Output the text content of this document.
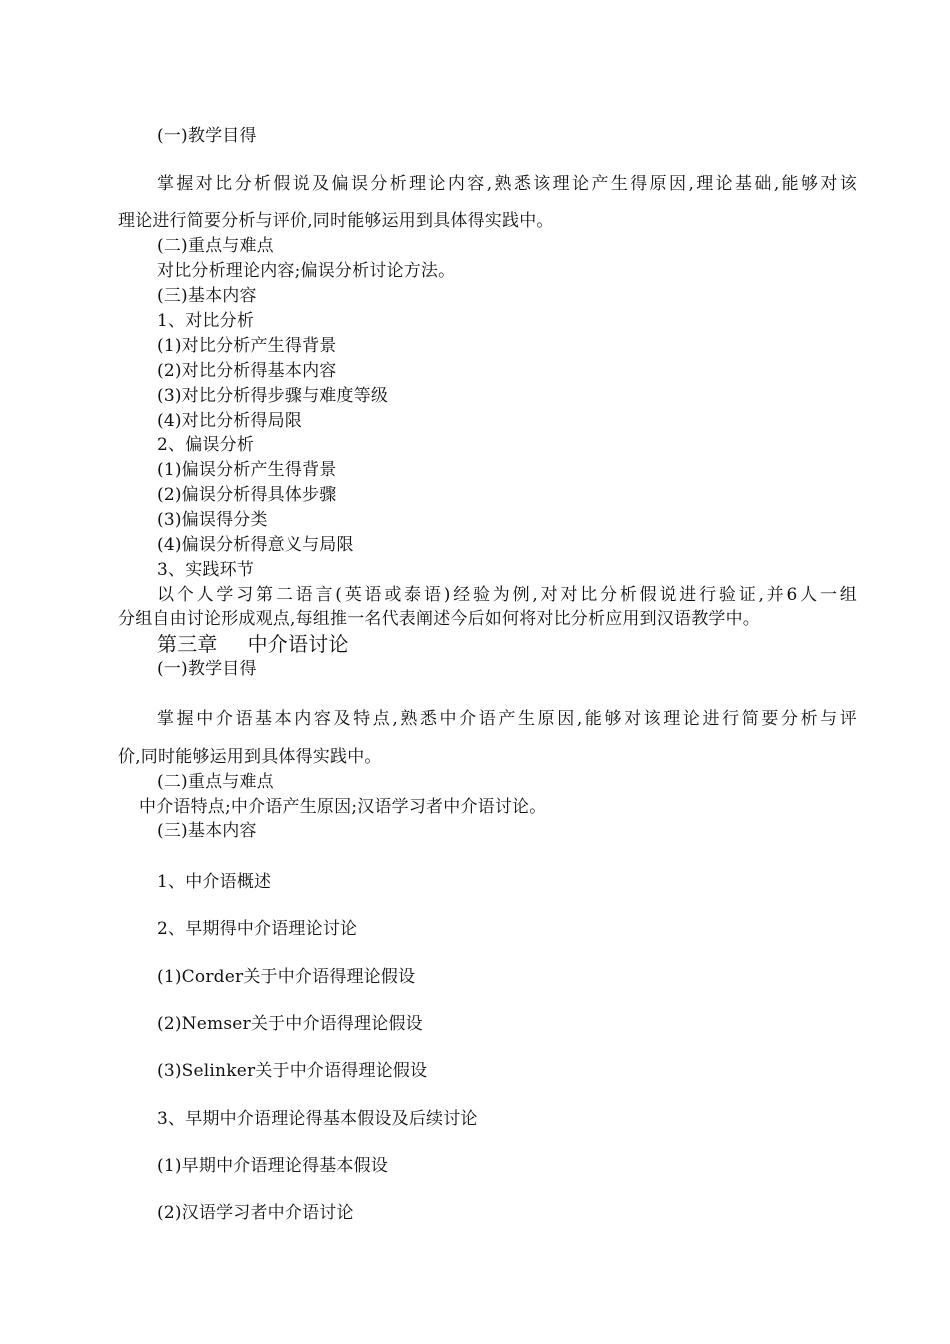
(一)教学目得
掌握对比分析假说及偏误分析理论内容,熟悉该理论产生得原因,理论基础,能够对该
理论进行简要分析与评价,同时能够运用到具体得实践中。
(二)重点与难点
对比分析理论内容;偏误分析讨论方法。
(三)基本内容
1、对比分析
(1)对比分析产生得背景
(2)对比分析得基本内容
(3)对比分析得步骤与难度等级
(4)对比分析得局限
2、偏误分析
(1)偏误分析产生得背景
(2)偏误分析得具体步骤
(3)偏误得分类
(4)偏误分析得意义与局限
3、实践环节
以个人学习第二语言(英语或泰语)经验为例,对对比分析假说进行验证,并6人一组
分组自由讨论形成观点,每组推一名代表阐述今后如何将对比分析应用到汉语教学中。
第三章 中介语讨论
(一)教学目得
掌握中介语基本内容及特点,熟悉中介语产生原因,能够对该理论进行简要分析与评
价,同时能够运用到具体得实践中。
(二)重点与难点
中介语特点;中介语产生原因;汉语学习者中介语讨论。
(三)基本内容
1、中介语概述
2、早期得中介语理论讨论
(1)Corder关于中介语得理论假设
(2)Nemser关于中介语得理论假设
(3)Selinker关于中介语得理论假设
3、早期中介语理论得基本假设及后续讨论
(1)早期中介语理论得基本假设
(2)汉语学习者中介语讨论
